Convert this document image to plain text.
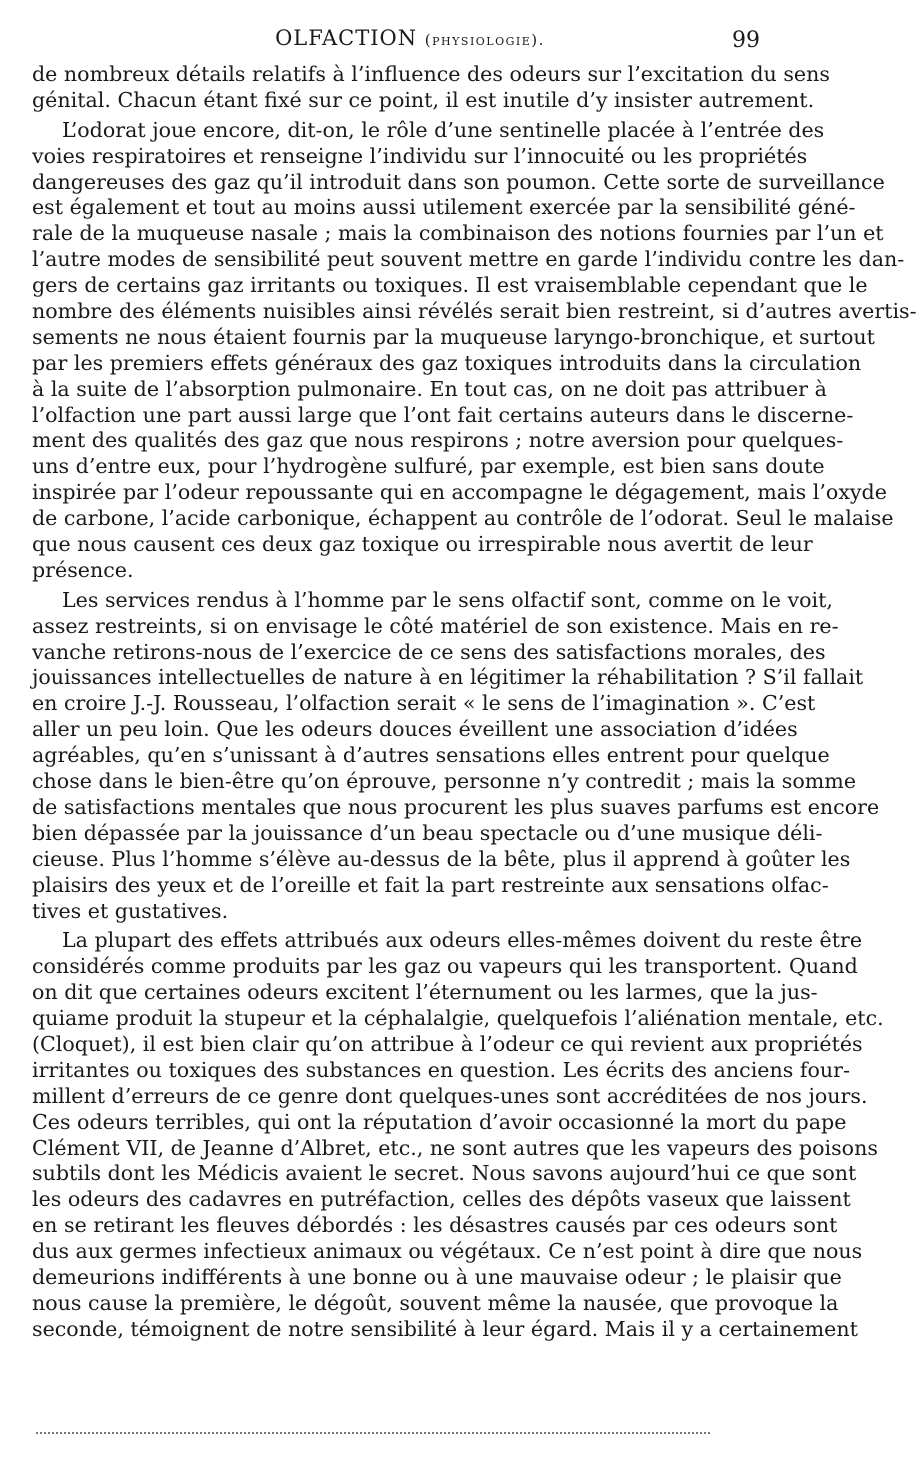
OLFACTION (physiologie).	99
de nombreux détails relatifs à l’influence des odeurs sur l’excitation du sens
génital. Chacun étant fixé sur ce point, il est inutile d’y insister autrement.
L’odorat joue encore, dit-on, le rôle d’une sentinelle placée à l’entrée des
voies respiratoires et renseigne l’individu sur l’innocuité ou les propriétés
dangereuses des gaz qu’il introduit dans son poumon. Cette sorte de surveillance
est également et tout au moins aussi utilement exercée par la sensibilité géné-
rale de la muqueuse nasale ; mais la combinaison des notions fournies par l’un et
l’autre modes de sensibilité peut souvent mettre en garde l’individu contre les dan-
gers de certains gaz irritants ou toxiques. Il est vraisemblable cependant que le
nombre des éléments nuisibles ainsi révélés serait bien restreint, si d’autres avertis-
sements ne nous étaient fournis par la muqueuse laryngo-bronchique, et surtout
par les premiers effets généraux des gaz toxiques introduits dans la circulation
à la suite de l’absorption pulmonaire. En tout cas, on ne doit pas attribuer à
l’olfaction une part aussi large que l’ont fait certains auteurs dans le discerne-
ment des qualités des gaz que nous respirons ; notre aversion pour quelques-
uns d’entre eux, pour l’hydrogène sulfuré, par exemple, est bien sans doute
inspirée par l’odeur repoussante qui en accompagne le dégagement, mais l’oxyde
de carbone, l’acide carbonique, échappent au contrôle de l’odorat. Seul le malaise
que nous causent ces deux gaz toxique ou irrespirable nous avertit de leur
présence.
Les services rendus à l’homme par le sens olfactif sont, comme on le voit,
assez restreints, si on envisage le côté matériel de son existence. Mais en re-
vanche retirons-nous de l’exercice de ce sens des satisfactions morales, des
jouissances intellectuelles de nature à en légitimer la réhabilitation ? S’il fallait
en croire J.-J. Rousseau, l’olfaction serait « le sens de l’imagination ». C’est
aller un peu loin. Que les odeurs douces éveillent une association d’idées
agréables, qu’en s’unissant à d’autres sensations elles entrent pour quelque
chose dans le bien-être qu’on éprouve, personne n’y contredit ; mais la somme
de satisfactions mentales que nous procurent les plus suaves parfums est encore
bien dépassée par la jouissance d’un beau spectacle ou d’une musique déli-
cieuse. Plus l’homme s’élève au-dessus de la bête, plus il apprend à goûter les
plaisirs des yeux et de l’oreille et fait la part restreinte aux sensations olfac-
tives et gustatives.
La plupart des effets attribués aux odeurs elles-mêmes doivent du reste être
considérés comme produits par les gaz ou vapeurs qui les transportent. Quand
on dit que certaines odeurs excitent l’éternument ou les larmes, que la jus-
quiame produit la stupeur et la céphalalgie, quelquefois l’aliénation mentale, etc.
(Cloquet), il est bien clair qu’on attribue à l’odeur ce qui revient aux propriétés
irritantes ou toxiques des substances en question. Les écrits des anciens four-
millent d’erreurs de ce genre dont quelques-unes sont accréditées de nos jours.
Ces odeurs terribles, qui ont la réputation d’avoir occasionné la mort du pape
Clément VII, de Jeanne d’Albret, etc., ne sont autres que les vapeurs des poisons
subtils dont les Médicis avaient le secret. Nous savons aujourd’hui ce que sont
les odeurs des cadavres en putréfaction, celles des dépôts vaseux que laissent
en se retirant les fleuves débordés : les désastres causés par ces odeurs sont
dus aux germes infectieux animaux ou végétaux. Ce n’est point à dire que nous
demeurions indifférents à une bonne ou à une mauvaise odeur ; le plaisir que
nous cause la première, le dégoût, souvent même la nausée, que provoque la
seconde, témoignent de notre sensibilité à leur égard. Mais il y a certainement
